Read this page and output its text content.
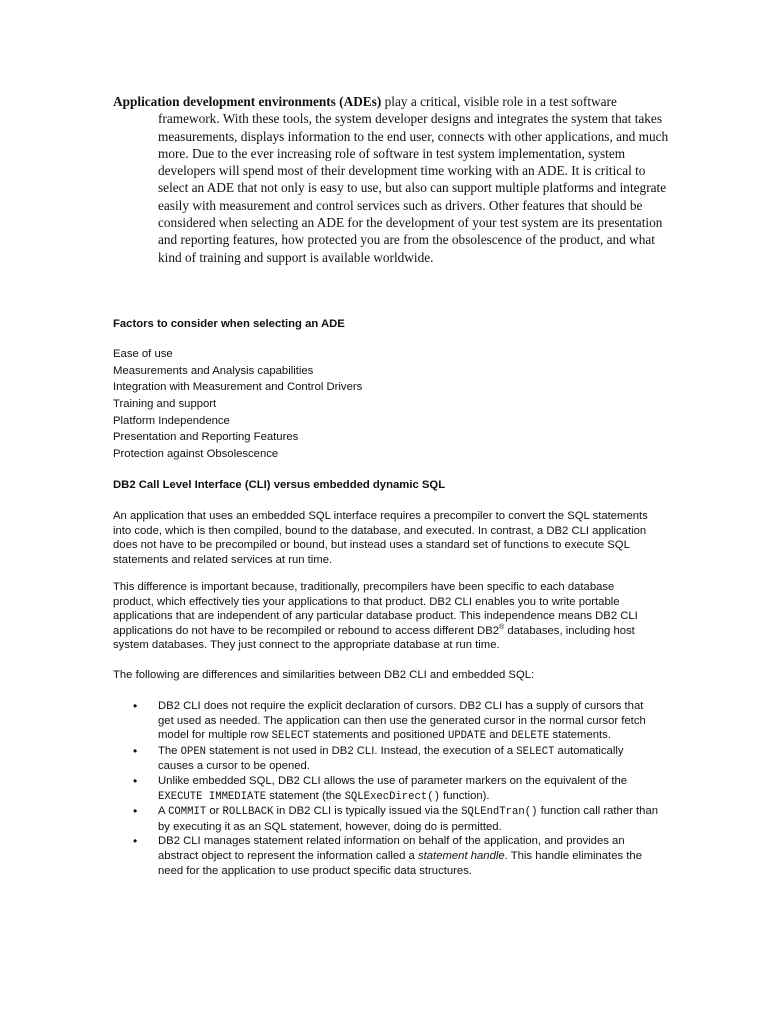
Application development environments (ADEs) play a critical, visible role in a test software framework. With these tools, the system developer designs and integrates the system that takes measurements, displays information to the end user, connects with other applications, and much more. Due to the ever increasing role of software in test system implementation, system developers will spend most of their development time working with an ADE. It is critical to select an ADE that not only is easy to use, but also can support multiple platforms and integrate easily with measurement and control services such as drivers. Other features that should be considered when selecting an ADE for the development of your test system are its presentation and reporting features, how protected you are from the obsolescence of the product, and what kind of training and support is available worldwide.
Factors to consider when selecting an ADE
Ease of use
Measurements and Analysis capabilities
Integration with Measurement and Control Drivers
Training and support
Platform Independence
Presentation and Reporting Features
Protection against Obsolescence
DB2 Call Level Interface (CLI) versus embedded dynamic SQL
An application that uses an embedded SQL interface requires a precompiler to convert the SQL statements into code, which is then compiled, bound to the database, and executed. In contrast, a DB2 CLI application does not have to be precompiled or bound, but instead uses a standard set of functions to execute SQL statements and related services at run time.
This difference is important because, traditionally, precompilers have been specific to each database product, which effectively ties your applications to that product. DB2 CLI enables you to write portable applications that are independent of any particular database product. This independence means DB2 CLI applications do not have to be recompiled or rebound to access different DB2® databases, including host system databases. They just connect to the appropriate database at run time.
The following are differences and similarities between DB2 CLI and embedded SQL:
• DB2 CLI does not require the explicit declaration of cursors. DB2 CLI has a supply of cursors that get used as needed. The application can then use the generated cursor in the normal cursor fetch model for multiple row SELECT statements and positioned UPDATE and DELETE statements.
• The OPEN statement is not used in DB2 CLI. Instead, the execution of a SELECT automatically causes a cursor to be opened.
• Unlike embedded SQL, DB2 CLI allows the use of parameter markers on the equivalent of the EXECUTE IMMEDIATE statement (the SQLExecDirect() function).
• A COMMIT or ROLLBACK in DB2 CLI is typically issued via the SQLEndTran() function call rather than by executing it as an SQL statement, however, doing do is permitted.
• DB2 CLI manages statement related information on behalf of the application, and provides an abstract object to represent the information called a statement handle. This handle eliminates the need for the application to use product specific data structures.
